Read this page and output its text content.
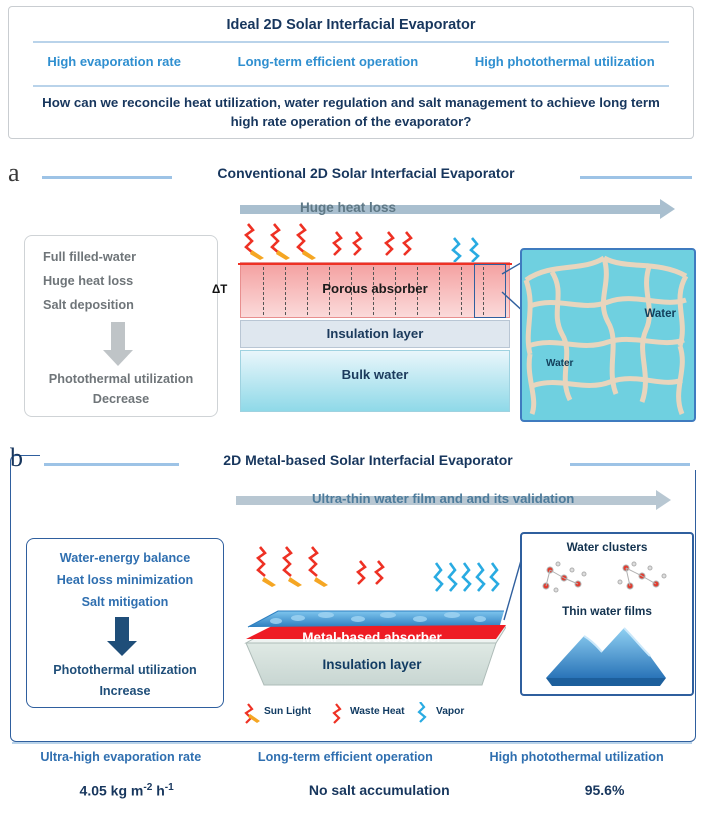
Ideal 2D Solar Interfacial Evaporator
High evaporation rate	Long-term efficient operation	High photothermal utilization
How can we reconcile heat utilization, water regulation and salt management to achieve long term high rate operation of the evaporator?
a	Conventional 2D Solar Interfacial Evaporator
Huge heat loss
Full filled-water
Huge heat loss
Salt deposition
Photothermal utilization
Decrease
Porous absorber
ΔT
Insulation layer
Bulk water
Water
Water
b	2D Metal-based Solar Interfacial Evaporator
Ultra-thin water film and and its validation
Water-energy balance
Heat loss minimization
Salt mitigation
Photothermal utilization
Increase
Metal-based absorber
Insulation layer
Water clusters
Thin water films
Sun Light	Waste Heat	Vapor
Ultra-high evaporation rate	Long-term efficient operation	High photothermal utilization
4.05 kg $m^{-2}$ $h^{-1}$	No salt accumulation	95.6%
